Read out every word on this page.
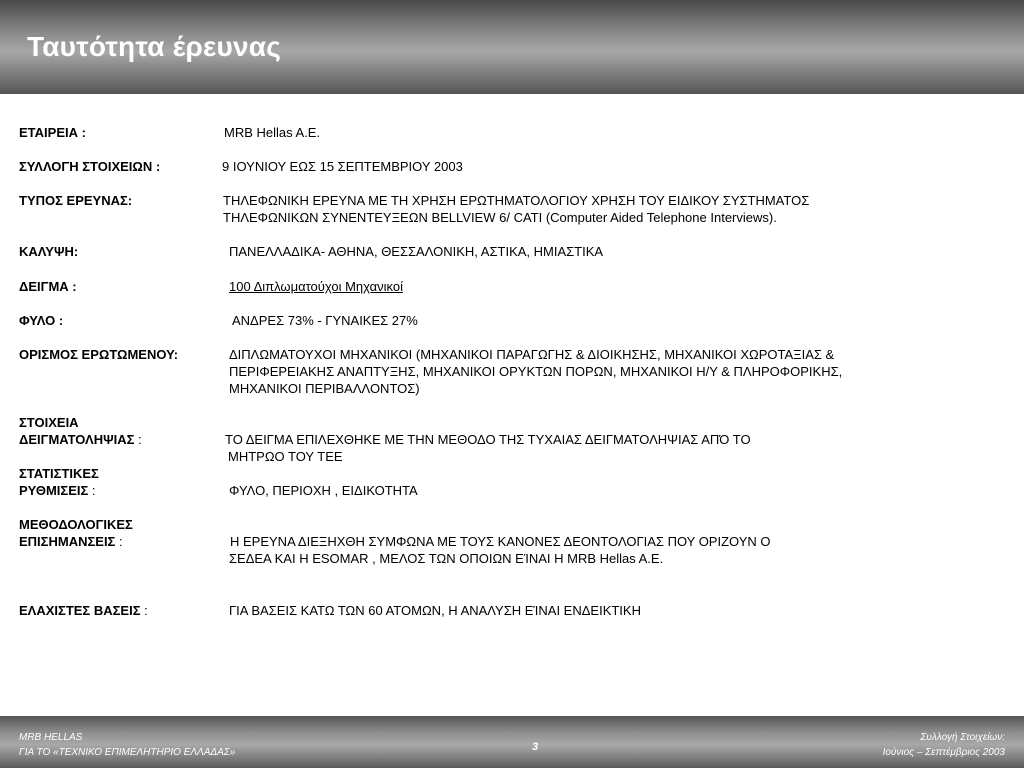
Ταυτότητα έρευνας
ΕΤΑΙΡΕΙΑ :	MRB Hellas A.E.
ΣΥΛΛΟΓΗ ΣΤΟΙΧΕΙΩΝ :	9 ΙΟΥΝΙΟΥ ΕΩΣ 15 ΣΕΠΤΕΜΒΡΙΟΥ 2003
ΤΥΠΟΣ ΕΡΕΥΝΑΣ:	ΤΗΛΕΦΩΝΙΚΗ ΕΡΕΥΝΑ ΜΕ ΤΗ ΧΡΗΣΗ ΕΡΩΤΗΜΑΤΟΛΟΓΙΟΥ ΧΡΗΣΗ ΤΟΥ ΕΙΔΙΚΟΥ ΣΥΣΤΗΜΑΤΟΣ
ΤΗΛΕΦΩΝΙΚΩΝ ΣΥΝΕΝΤΕΥΞΕΩΝ BELLVIEW 6/ CATI (Computer Aided Telephone Interviews).
ΚΑΛΥΨΗ:	ΠΑΝΕΛΛΑΔΙΚΑ- ΑΘΗΝΑ, ΘΕΣΣΑΛΟΝΙΚΗ, ΑΣΤΙΚΑ, ΗΜΙΑΣΤΙΚΑ
ΔΕΙΓΜΑ :	100 Διπλωματούχοι Μηχανικοί
ΦΥΛΟ :	ΑΝΔΡΕΣ 73% - ΓΥΝΑΙΚΕΣ 27%
ΟΡΙΣΜΟΣ ΕΡΩΤΩΜΕΝΟΥ:	ΔΙΠΛΩΜΑΤΟΥΧΟΙ ΜΗΧΑΝΙΚΟΙ (ΜΗΧΑΝΙΚΟΙ ΠΑΡΑΓΩΓΗΣ & ΔΙΟΙΚΗΣΗΣ, ΜΗΧΑΝΙΚΟΙ ΧΩΡΟΤΑΞΙΑΣ &
ΠΕΡΙΦΕΡΕΙΑΚΗΣ ΑΝΑΠΤΥΞΗΣ, ΜΗΧΑΝΙΚΟΙ ΟΡΥΚΤΩΝ ΠΟΡΩΝ, ΜΗΧΑΝΙΚΟΙ Η/Υ & ΠΛΗΡΟΦΟΡΙΚΗΣ,
ΜΗΧΑΝΙΚΟΙ ΠΕΡΙΒΑΛΛΟΝΤΟΣ)
ΣΤΟΙΧΕΙΑ
ΔΕΙΓΜΑΤΟΛΗΨΙΑΣ :	ΤΟ ΔΕΙΓΜΑ ΕΠΙΛΕΧΘΗΚΕ ΜΕ ΤΗΝ ΜΕΘΟΔΟ ΤΗΣ ΤΥΧΑΙΑΣ ΔΕΙΓΜΑΤΟΛΗΨΙΑΣ ΑΠΌ ΤΟ
ΜΗΤΡΩΟ ΤΟΥ ΤΕΕ
ΣΤΑΤΙΣΤΙΚΕΣ
ΡΥΘΜΙΣΕΙΣ :	ΦΥΛΟ, ΠΕΡΙΟΧΗ , ΕΙΔΙΚΟΤΗΤΑ
ΜΕΘΟΔΟΛΟΓΙΚΕΣ
ΕΠΙΣΗΜΑΝΣΕΙΣ :	Η ΕΡΕΥΝΑ ΔΙΕΞΗΧΘΗ ΣΥΜΦΩΝΑ ΜΕ ΤΟΥΣ ΚΑΝΟΝΕΣ ΔΕΟΝΤΟΛΟΓΙΑΣ ΠΟΥ ΟΡΙΖΟΥΝ Ο
ΣΕΔΕΑ ΚΑΙ Η ESOMAR , ΜΕΛΟΣ ΤΩΝ ΟΠΟΙΩΝ ΕΊΝΑΙ Η MRB Hellas A.E.
ΕΛΑΧΙΣΤΕΣ ΒΑΣΕΙΣ :	ΓΙΑ ΒΑΣΕΙΣ ΚΑΤΩ ΤΩΝ 60 ΑΤΟΜΩΝ, Η ΑΝΑΛΥΣΗ ΕΊΝΑΙ ΕΝΔΕΙΚΤΙΚΗ
MRB HELLAS
ΓΙΑ ΤΟ «ΤΕΧΝΙΚΟ ΕΠΙΜΕΛΗΤΗΡΙΟ ΕΛΛΑΔΑΣ»	3
Συλλογή Στοιχείων:
Ιούνιος – Σεπτέμβριος 2003
